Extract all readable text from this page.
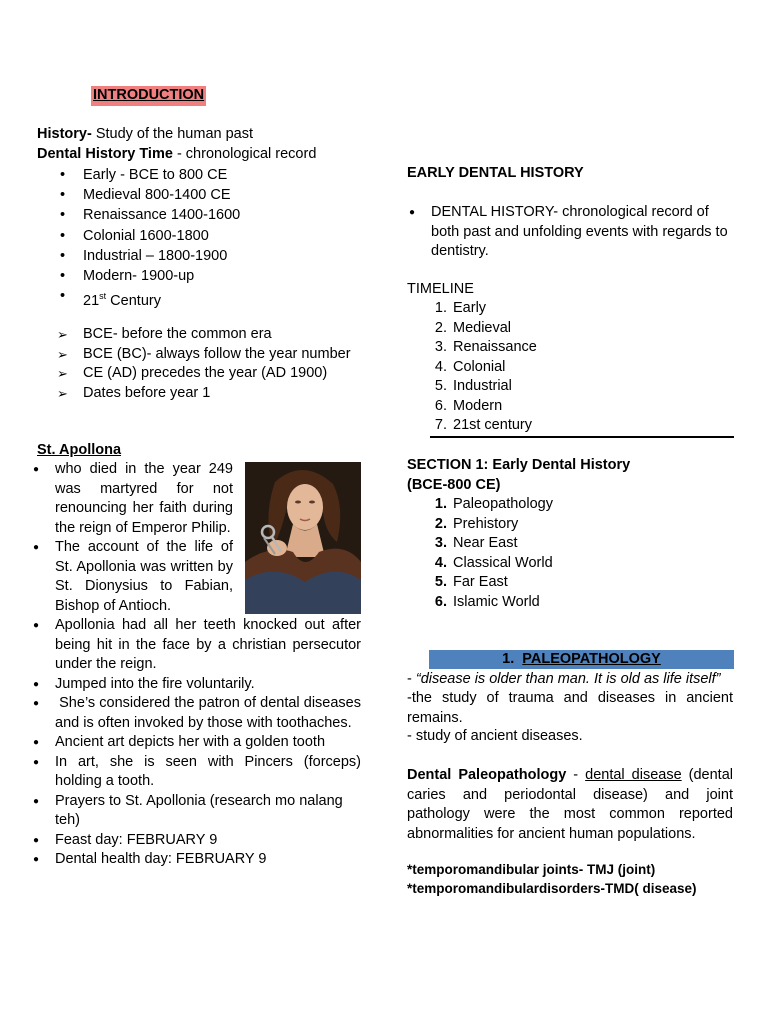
INTRODUCTION
History- Study of the human past
Dental History Time - chronological record
• Early - BCE to 800 CE
• Medieval 800-1400 CE
• Renaissance 1400-1600
• Colonial 1600-1800
• Industrial – 1800-1900
• Modern- 1900-up
• 21st Century
➢ BCE- before the common era
➢ BCE (BC)- always follow the year number
➢ CE (AD) precedes the year (AD 1900)
➢ Dates before year 1
St. Apollona
● who died in the year 249 was martyred for not renouncing her faith during the reign of Emperor Philip.
● The account of the life of St. Apollonia was written by St. Dionysius to Fabian, Bishop of Antioch.
● Apollonia had all her teeth knocked out after being hit in the face by a christian persecutor under the reign.
● Jumped into the fire voluntarily.
●  She’s considered the patron of dental diseases and is often invoked by those with toothaches.
● Ancient art depicts her with a golden tooth
● In art, she is seen with Pincers (forceps) holding a tooth.
● Prayers to St. Apollonia (research mo nalang teh)
● Feast day: FEBRUARY 9
● Dental health day: FEBRUARY 9
EARLY DENTAL HISTORY
● DENTAL HISTORY- chronological record of both past and unfolding events with regards to dentistry.
TIMELINE
1. Early
2. Medieval
3. Renaissance
4. Colonial
5. Industrial
6. Modern
7. 21st century
SECTION 1: Early Dental History
(BCE-800 CE)
1. Paleopathology
2. Prehistory
3. Near East
4. Classical World
5. Far East
6. Islamic World
1. PALEOPATHOLOGY
- “disease is older than man. It is old as life itself”
-the study of trauma and diseases in ancient remains.
- study of ancient diseases.
Dental Paleopathology - dental disease (dental caries and periodontal disease) and joint pathology were the most common reported abnormalities for ancient human populations.
*temporomandibular joints- TMJ (joint)
*temporomandibulardisorders-TMD( disease)
